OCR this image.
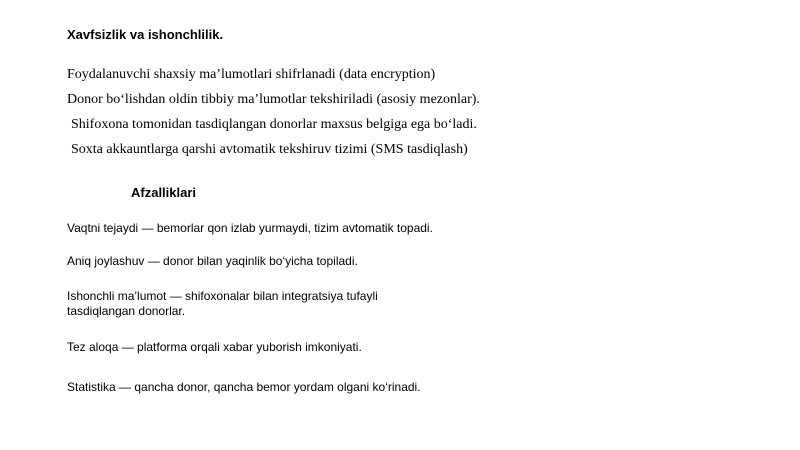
Xavfsizlik va ishonchlilik.
Foydalanuvchi shaxsiy ma’lumotlari shifrlanadi (data encryption)
Donor bo‘lishdan oldin tibbiy ma’lumotlar tekshiriladi (asosiy mezonlar).
Shifoxona tomonidan tasdiqlangan donorlar maxsus belgiga ega bo‘ladi.
Soxta akkauntlarga qarshi avtomatik tekshiruv tizimi (SMS tasdiqlash)
Afzalliklari
Vaqtni tejaydi — bemorlar qon izlab yurmaydi, tizim avtomatik topadi.
Aniq joylashuv — donor bilan yaqinlik bo‘yicha topiladi.
Ishonchli ma’lumot — shifoxonalar bilan integratsiya tufayli
tasdiqlangan donorlar.
Tez aloqa — platforma orqali xabar yuborish imkoniyati.
Statistika — qancha donor, qancha bemor yordam olgani ko‘rinadi.
